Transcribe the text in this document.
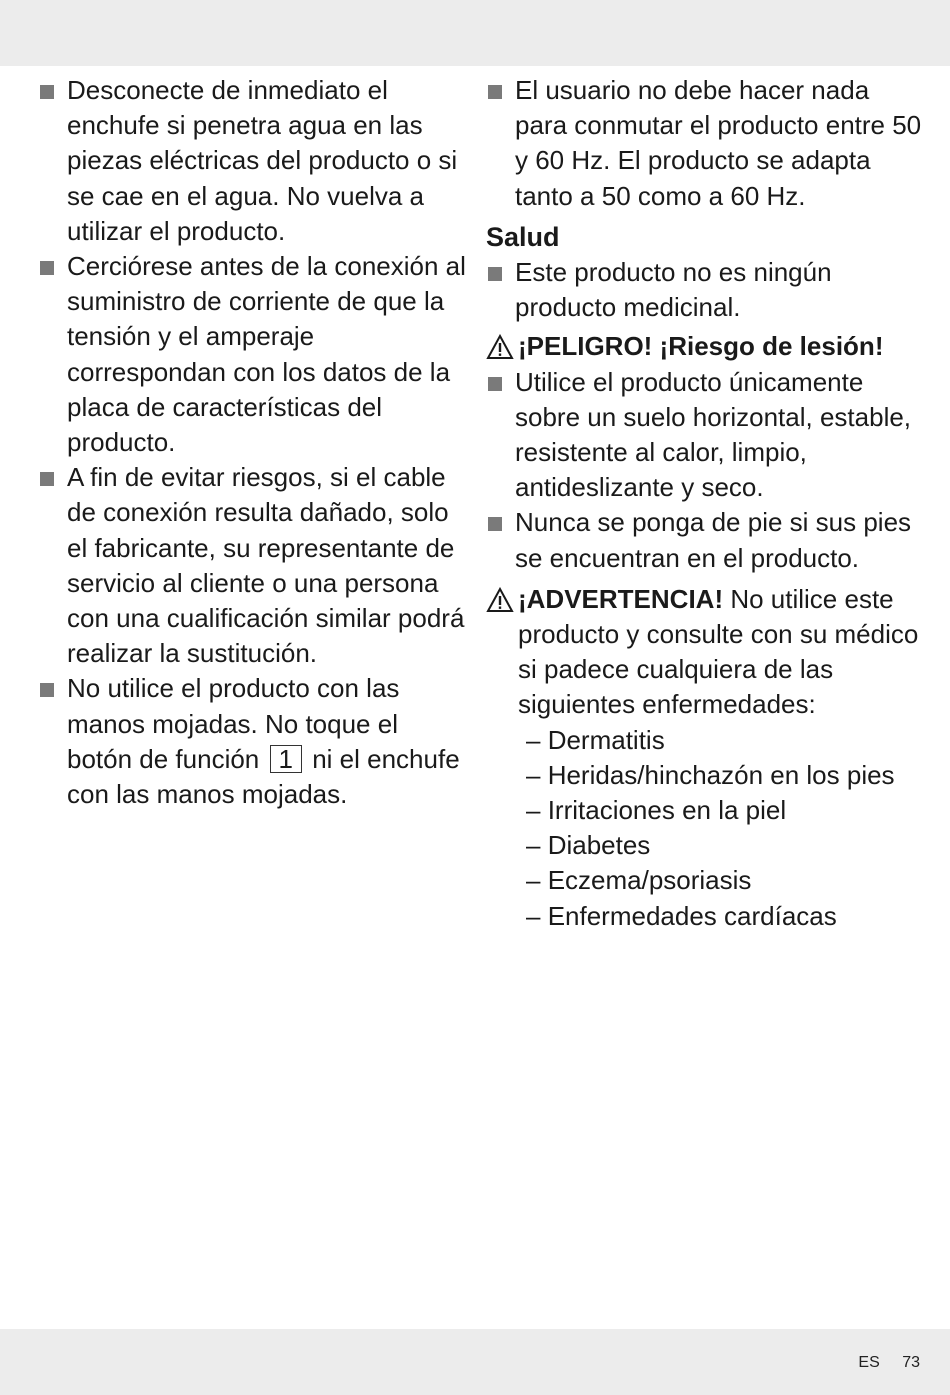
Desconecte de inmediato el enchufe si penetra agua en las piezas eléctricas del producto o si se cae en el agua. No vuelva a utilizar el producto.
Cerciórese antes de la conexión al suministro de corriente de que la tensión y el amperaje correspondan con los datos de la placa de características del producto.
A fin de evitar riesgos, si el cable de conexión resulta dañado, solo el fabricante, su representante de servicio al cliente o una persona con una cualificación similar podrá realizar la sustitución.
No utilice el producto con las manos mojadas. No toque el botón de función 1 ni el enchufe con las manos mojadas.
El usuario no debe hacer nada para conmutar el producto entre 50 y 60 Hz. El producto se adapta tanto a 50 como a 60 Hz.
Salud
Este producto no es ningún producto medicinal.
¡PELIGRO! ¡Riesgo de lesión!
Utilice el producto únicamente sobre un suelo horizontal, estable, resistente al calor, limpio, antideslizante y seco.
Nunca se ponga de pie si sus pies se encuentran en el producto.
¡ADVERTENCIA! No utilice este producto y consulte con su médico si padece cualquiera de las siguientes enfermedades:
– Dermatitis
– Heridas/hinchazón en los pies
– Irritaciones en la piel
– Diabetes
– Eczema/psoriasis
– Enfermedades cardíacas
ES 73
